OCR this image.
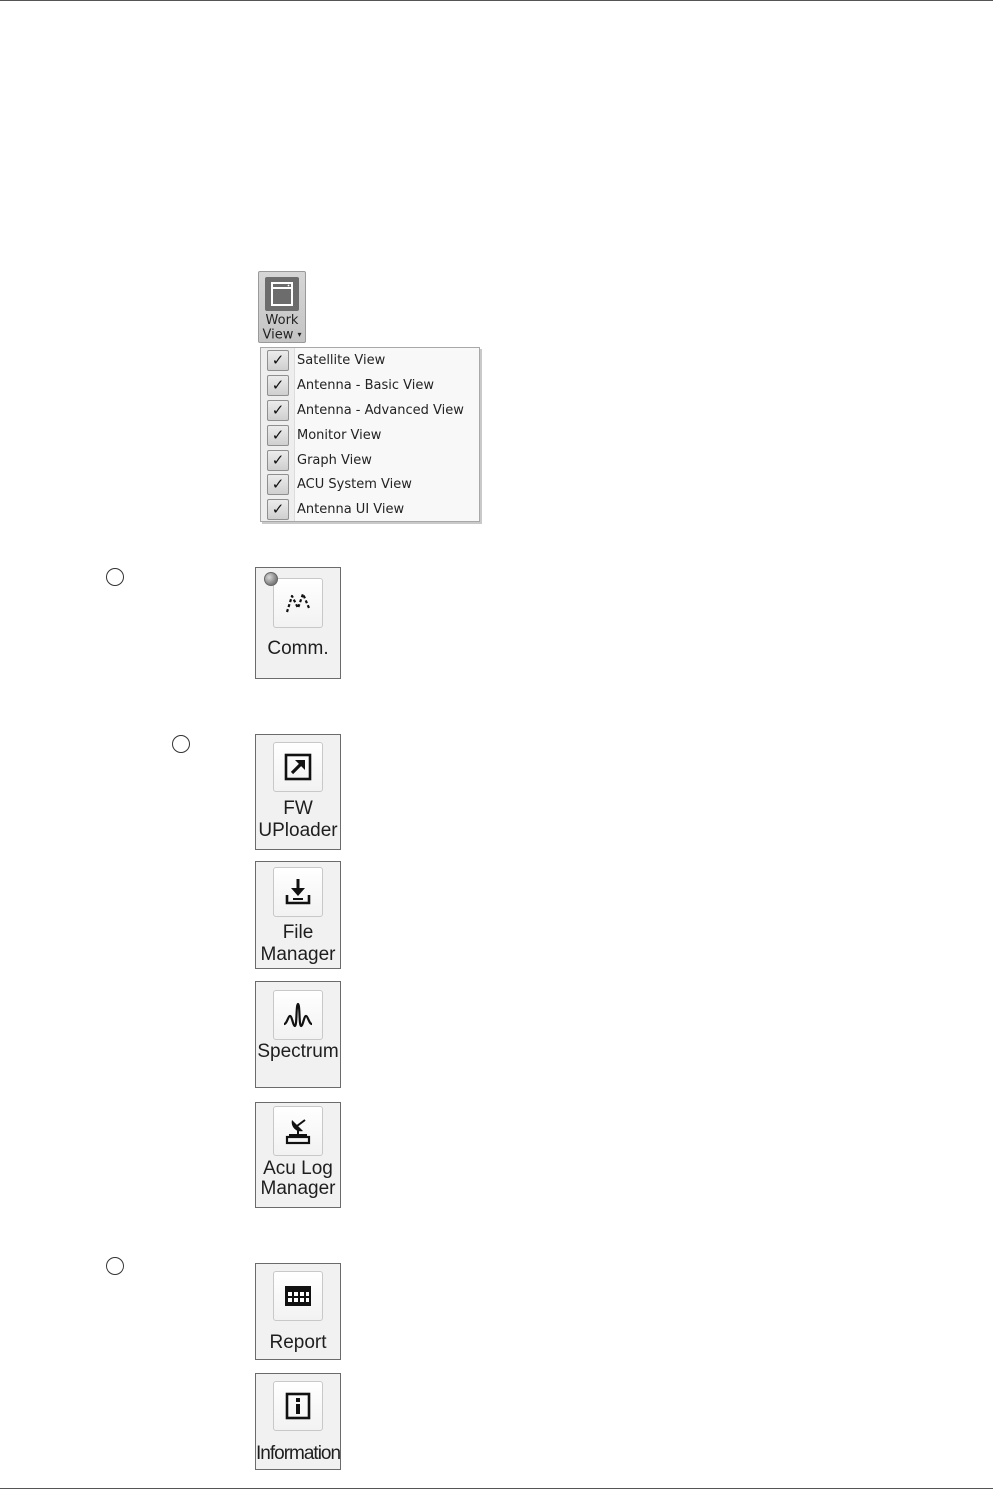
Work
View ▾
✓ Satellite View
✓ Antenna - Basic View
✓ Antenna - Advanced View
✓ Monitor View
✓ Graph View
✓ ACU System View
✓ Antenna UI View
Comm.
FW
UPloader
File
Manager
Spectrum
Acu Log
Manager
Report
Information
